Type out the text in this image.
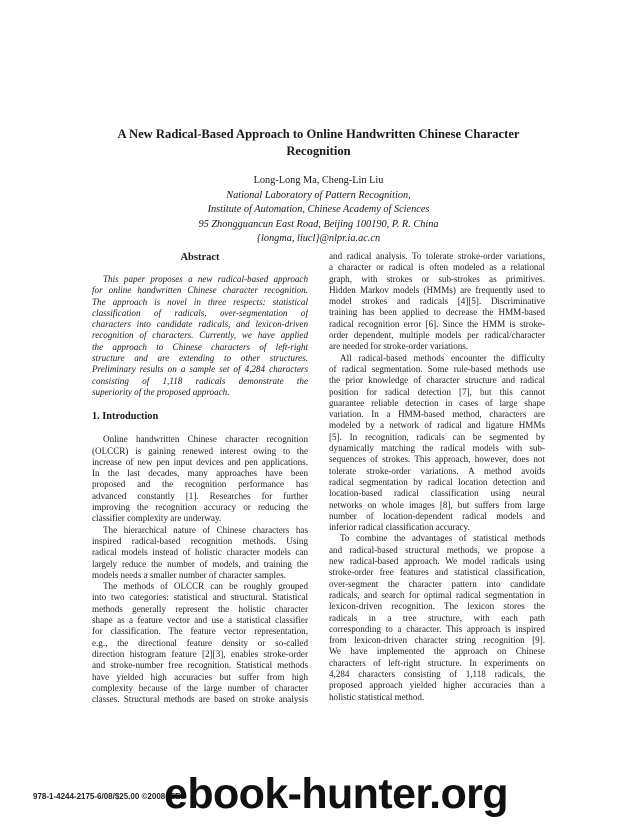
A New Radical-Based Approach to Online Handwritten Chinese Character
Recognition
Long-Long Ma, Cheng-Lin Liu
National Laboratory of Pattern Recognition,
Institute of Automation, Chinese Academy of Sciences
95 Zhongguancun East Road, Beijing 100190, P. R. China
{longma, liucl}@nlpr.ia.ac.cn
Abstract
This paper proposes a new radical-based approach
for online handwritten Chinese character recognition.
The approach is novel in three respects: statistical
classification of radicals, over-segmentation of
characters into candidate radicals, and lexicon-driven
recognition of characters. Currently, we have applied
the approach to Chinese characters of left-right
structure and are extending to other structures.
Preliminary results on a sample set of 4,284 characters
consisting of 1,118 radicals demonstrate the
superiority of the proposed approach.
1. Introduction
Online handwritten Chinese character recognition
(OLCCR) is gaining renewed interest owing to the
increase of new pen input devices and pen applications.
In the last decades, many approaches have been
proposed and the recognition performance has
advanced constantly [1]. Researches for further
improving the recognition accuracy or reducing the
classifier complexity are underway.
The hierarchical nature of Chinese characters has
inspired radical-based recognition methods. Using
radical models instead of holistic character models can
largely reduce the number of models, and training the
models needs a smaller number of character samples.
The methods of OLCCR can be roughly grouped
into two categories: statistical and structural. Statistical
methods generally represent the holistic character
shape as a feature vector and use a statistical classifier
for classification. The feature vector representation,
e.g., the directional feature density or so-called
direction histogram feature [2][3], enables stroke-order
and stroke-number free recognition. Statistical methods
have yielded high accuracies but suffer from high
complexity because of the large number of character
classes. Structural methods are based on stroke analysis
and radical analysis. To tolerate stroke-order variations,
a character or radical is often modeled as a relational
graph, with strokes or sub-strokes as primitives.
Hidden Markov models (HMMs) are frequently used to
model strokes and radicals [4][5]. Discriminative
training has been applied to decrease the HMM-based
radical recognition error [6]. Since the HMM is stroke-
order dependent, multiple models per radical/character
are needed for stroke-order variations.
All radical-based methods encounter the difficulty
of radical segmentation. Some rule-based methods use
the prior knowledge of character structure and radical
position for radical detection [7], but this cannot
guarantee reliable detection in cases of large shape
variation. In a HMM-based method, characters are
modeled by a network of radical and ligature HMMs
[5]. In recognition, radicals can be segmented by
dynamically matching the radical models with sub-
sequences of strokes. This approach, however, does not
tolerate stroke-order variations. A method avoids
radical segmentation by radical location detection and
location-based radical classification using neural
networks on whole images [8], but suffers from large
number of location-dependent radical models and
inferior radical classification accuracy.
To combine the advantages of statistical methods
and radical-based structural methods, we propose a
new radical-based approach. We model radicals using
stroke-order free features and statistical classification,
over-segment the character pattern into candidate
radicals, and search for optimal radical segmentation in
lexicon-driven recognition. The lexicon stores the
radicals in a tree structure, with each path
corresponding to a character. This approach is inspired
from lexicon-driven character string recognition [9].
We have implemented the approach on Chinese
characters of left-right structure. In experiments on
4,284 characters consisting of 1,118 radicals, the
proposed approach yielded higher accuracies than a
holistic statistical method.
978-1-4244-2175-6/08/$25.00 ©2008 IEEE
ebook-hunter.org
